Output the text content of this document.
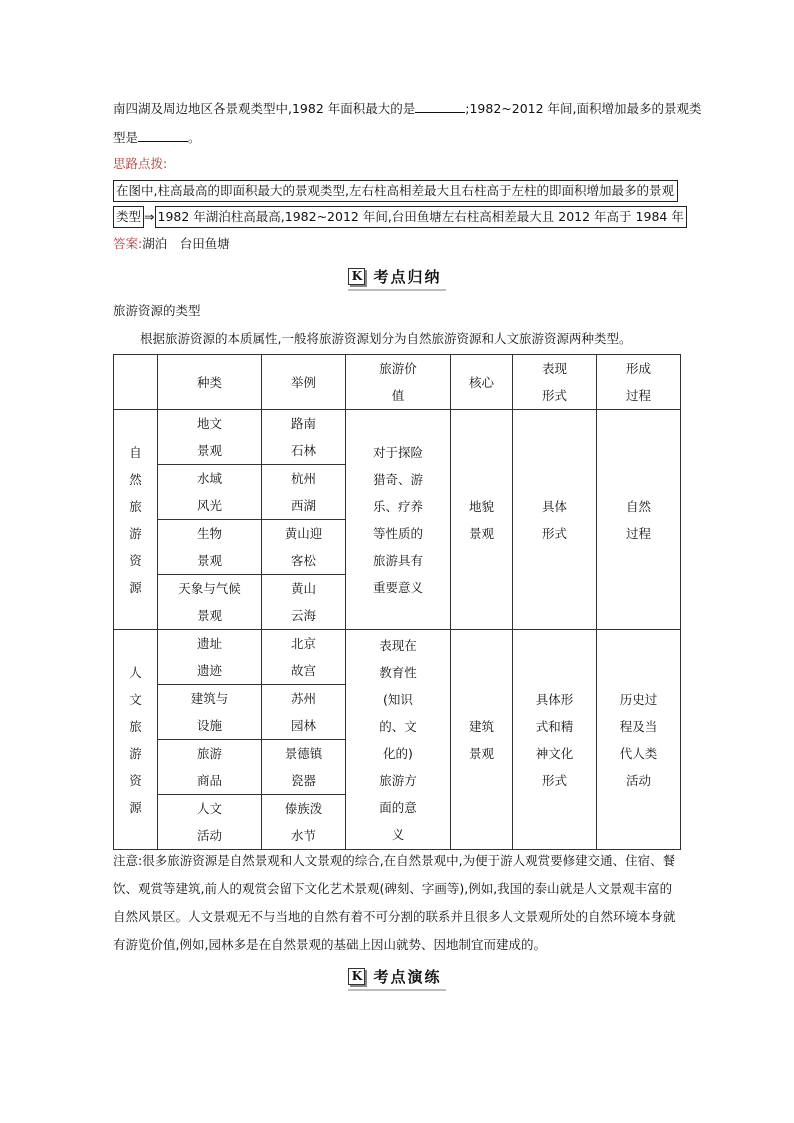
南四湖及周边地区各景观类型中,1982 年面积最大的是	;1982~2012 年间,面积增加最多的景观类
型是	。
思路点拨:
在图中,柱高最高的即面积最大的景观类型,左右柱高相差最大且右柱高于左柱的即面积增加最多的景观
类型 ⇒ 1982 年湖泊柱高最高,1982~2012 年间,台田鱼塘左右柱高相差最大且 2012 年高于 1984 年
答案:湖泊　台田鱼塘
K 考点归纳
旅游资源的类型
根据旅游资源的本质属性,一般将旅游资源划分为自然旅游资源和人文旅游资源两种类型。
	种类	举例	旅游价值	核心	表现形式	形成过程
自然旅游资源	地文景观	路南石林	对于探险猎奇、游乐、疗养等性质的旅游具有重要意义	地貌景观	具体形式	自然过程
	水域风光	杭州西湖				
	生物景观	黄山迎客松				
	天象与气候景观	黄山云海				
人文旅游资源	遗址遗迹	北京故宫	表现在教育性(知识的、文化的)旅游方面的意义	建筑景观	具体形式和精神文化形式	历史过程及当代人类活动
	建筑与设施	苏州园林				
	旅游商品	景德镇瓷器				
	人文活动	傣族泼水节				
注意:很多旅游资源是自然景观和人文景观的综合,在自然景观中,为便于游人观赏要修建交通、住宿、餐
饮、观赏等建筑,前人的观赏会留下文化艺术景观(碑刻、字画等),例如,我国的泰山就是人文景观丰富的
自然风景区。人文景观无不与当地的自然有着不可分割的联系并且很多人文景观所处的自然环境本身就
有游览价值,例如,园林多是在自然景观的基础上因山就势、因地制宜而建成的。
K 考点演练
